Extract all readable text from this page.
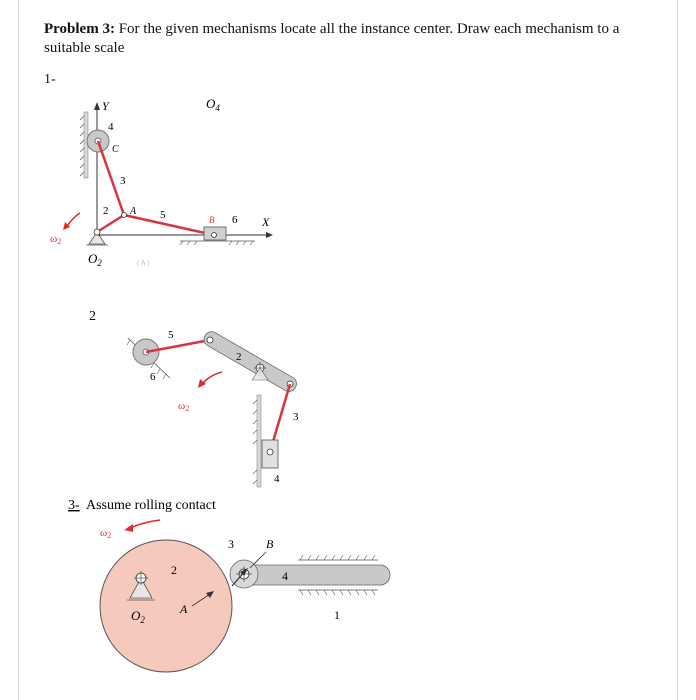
Problem 3: For the given mechanisms locate all the instance center. Draw each mechanism to a suitable scale
1-
Y	$O_4$
4
C
3
2 A 5
$O_2$
X
B 6
ω2
( A )
2
6
5
2
ω2
3
4
3- Assume rolling contact
ω2
$O_2$
2
A
4
3	B
1
